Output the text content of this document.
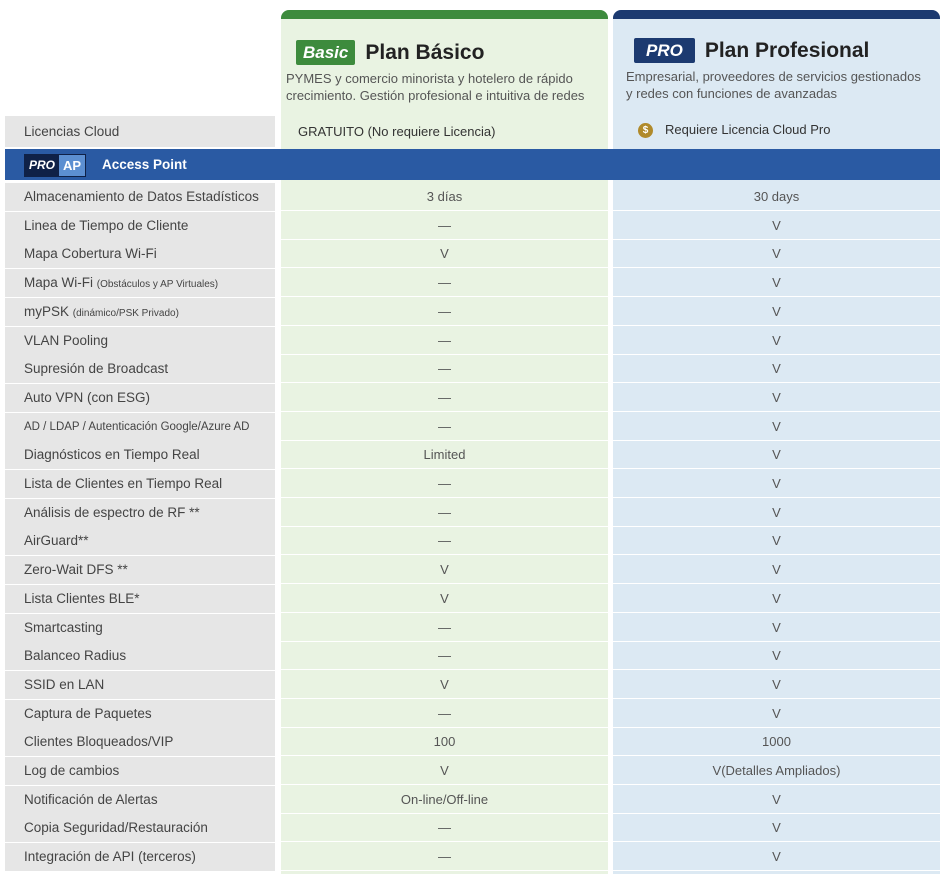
Basic Plan Básico
PYMES y comercio minorista y hotelero de rápido
crecimiento. Gestión profesional e intuitiva de redes
PRO	Plan Profesional
Empresarial, proveedores de servicios gestionados
y redes con funciones de avanzadas
Licencias Cloud	GRATUITO (No requiere Licencia)	$	Requiere Licencia Cloud Pro
PRO AP Access Point
Almacenamiento de Datos Estadísticos	3 días	30 days
Linea de Tiempo de Cliente	—	V
Mapa Cobertura Wi-Fi	V	V
Mapa Wi-Fi (Obstáculos y AP Virtuales)	—	V
myPSK (dinámico/PSK Privado)	—	V
VLAN Pooling	—	V
Supresión de Broadcast	—	V
Auto VPN (con ESG)	—	V
AD / LDAP / Autenticación Google/Azure AD	—	V
Diagnósticos en Tiempo Real	Limited	V
Lista de Clientes en Tiempo Real	—	V
Análisis de espectro de RF **	—	V
AirGuard**	—	V
Zero-Wait DFS **	V	V
Lista Clientes BLE*	V	V
Smartcasting	—	V
Balanceo Radius	—	V
SSID en LAN	V	V
Captura de Paquetes	—	V
Clientes Bloqueados/VIP	100	1000
Log de cambios	V	V(Detalles Ampliados)
Notificación de Alertas	On-line/Off-line	V
Copia Seguridad/Restauración	—	V
Integración de API (terceros)	—	V
